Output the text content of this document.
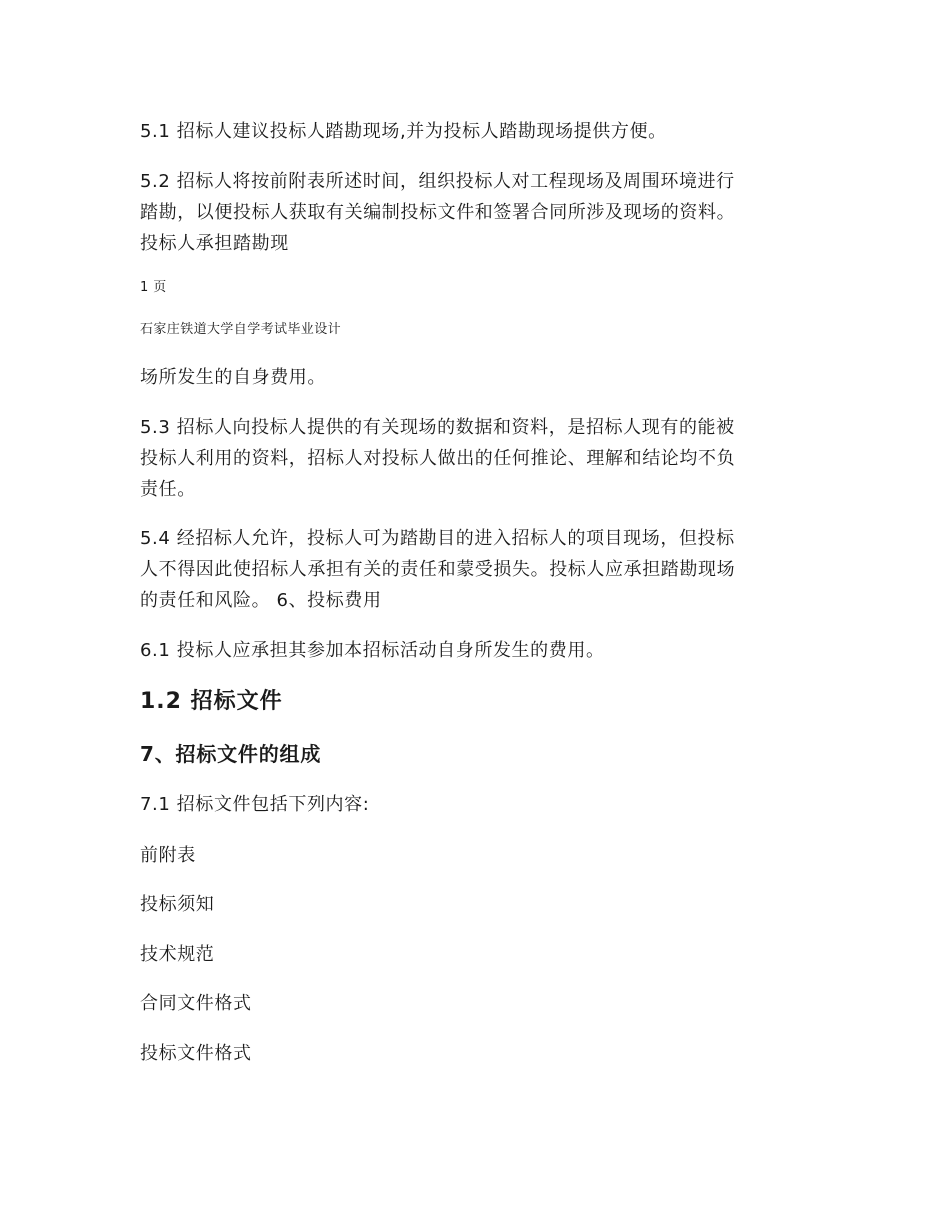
5.1 招标人建议投标人踏勘现场,并为投标人踏勘现场提供方便。

5.2 招标人将按前附表所述时间，组织投标人对工程现场及周围环境进行

踏勘，以便投标人获取有关编制投标文件和签署合同所涉及现场的资料。

投标人承担踏勘现

1 页

石家庄铁道大学自学考试毕业设计

场所发生的自身费用。

5.3 招标人向投标人提供的有关现场的数据和资料，是招标人现有的能被

投标人利用的资料，招标人对投标人做出的任何推论、理解和结论均不负

责任。

5.4 经招标人允许，投标人可为踏勘目的进入招标人的项目现场，但投标

人不得因此使招标人承担有关的责任和蒙受损失。投标人应承担踏勘现场

的责任和风险。 6、投标费用

6.1 投标人应承担其参加本招标活动自身所发生的费用。

1.2 招标文件
7、招标文件的组成

7.1 招标文件包括下列内容:

前附表

投标须知

技术规范

合同文件格式

投标文件格式
